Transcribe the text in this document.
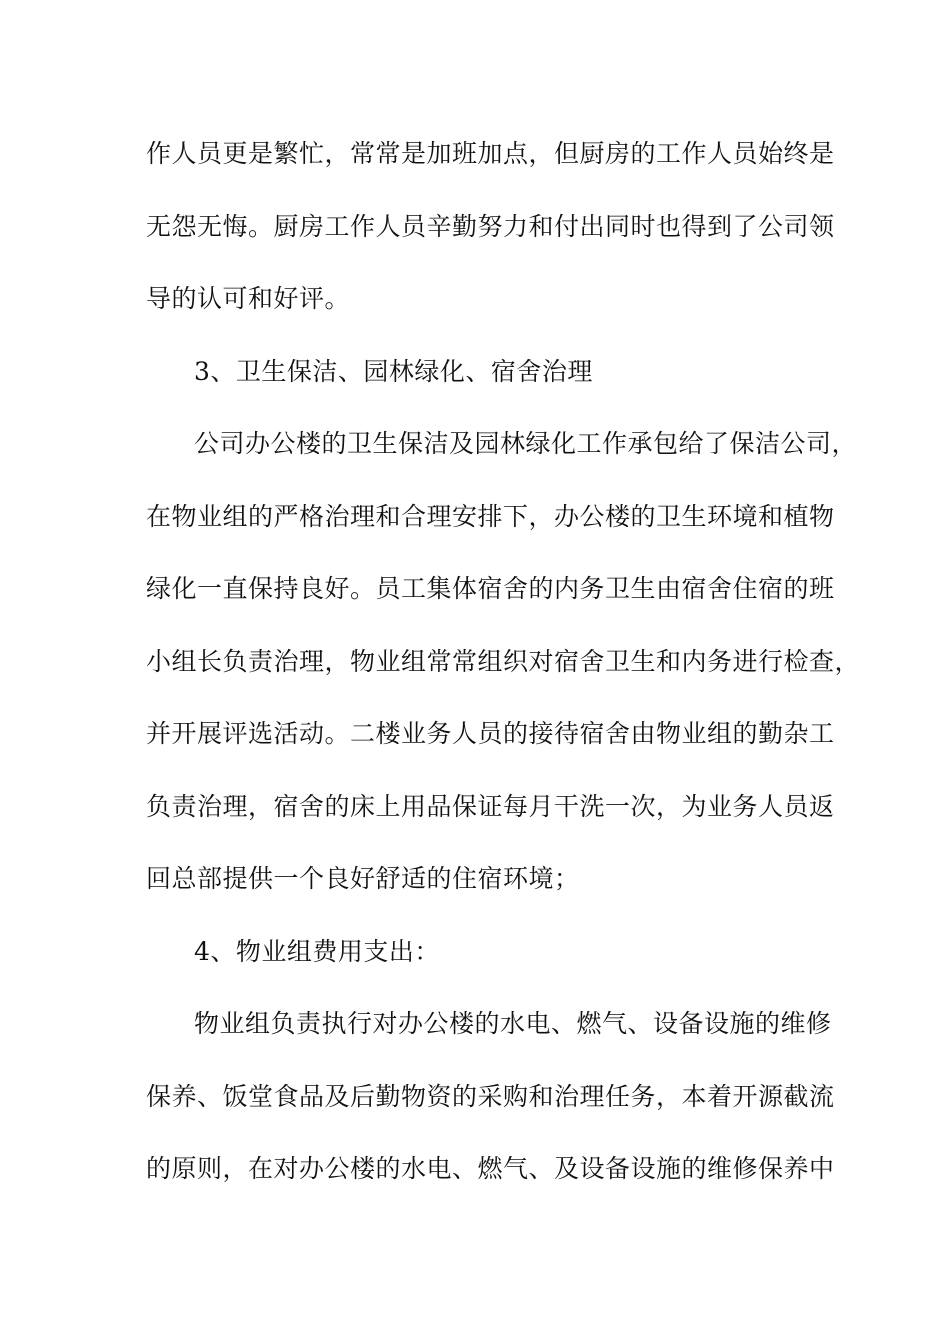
作人员更是繁忙，常常是加班加点，但厨房的工作人员始终是
无怨无悔。厨房工作人员辛勤努力和付出同时也得到了公司领
导的认可和好评。
3、卫生保洁、园林绿化、宿舍治理
公司办公楼的卫生保洁及园林绿化工作承包给了保洁公司，
在物业组的严格治理和合理安排下，办公楼的卫生环境和植物
绿化一直保持良好。员工集体宿舍的内务卫生由宿舍住宿的班
小组长负责治理，物业组常常组织对宿舍卫生和内务进行检查，
并开展评选活动。二楼业务人员的接待宿舍由物业组的勤杂工
负责治理，宿舍的床上用品保证每月干洗一次，为业务人员返
回总部提供一个良好舒适的住宿环境；
4、物业组费用支出：
物业组负责执行对办公楼的水电、燃气、设备设施的维修
保养、饭堂食品及后勤物资的采购和治理任务，本着开源截流
的原则，在对办公楼的水电、燃气、及设备设施的维修保养中
